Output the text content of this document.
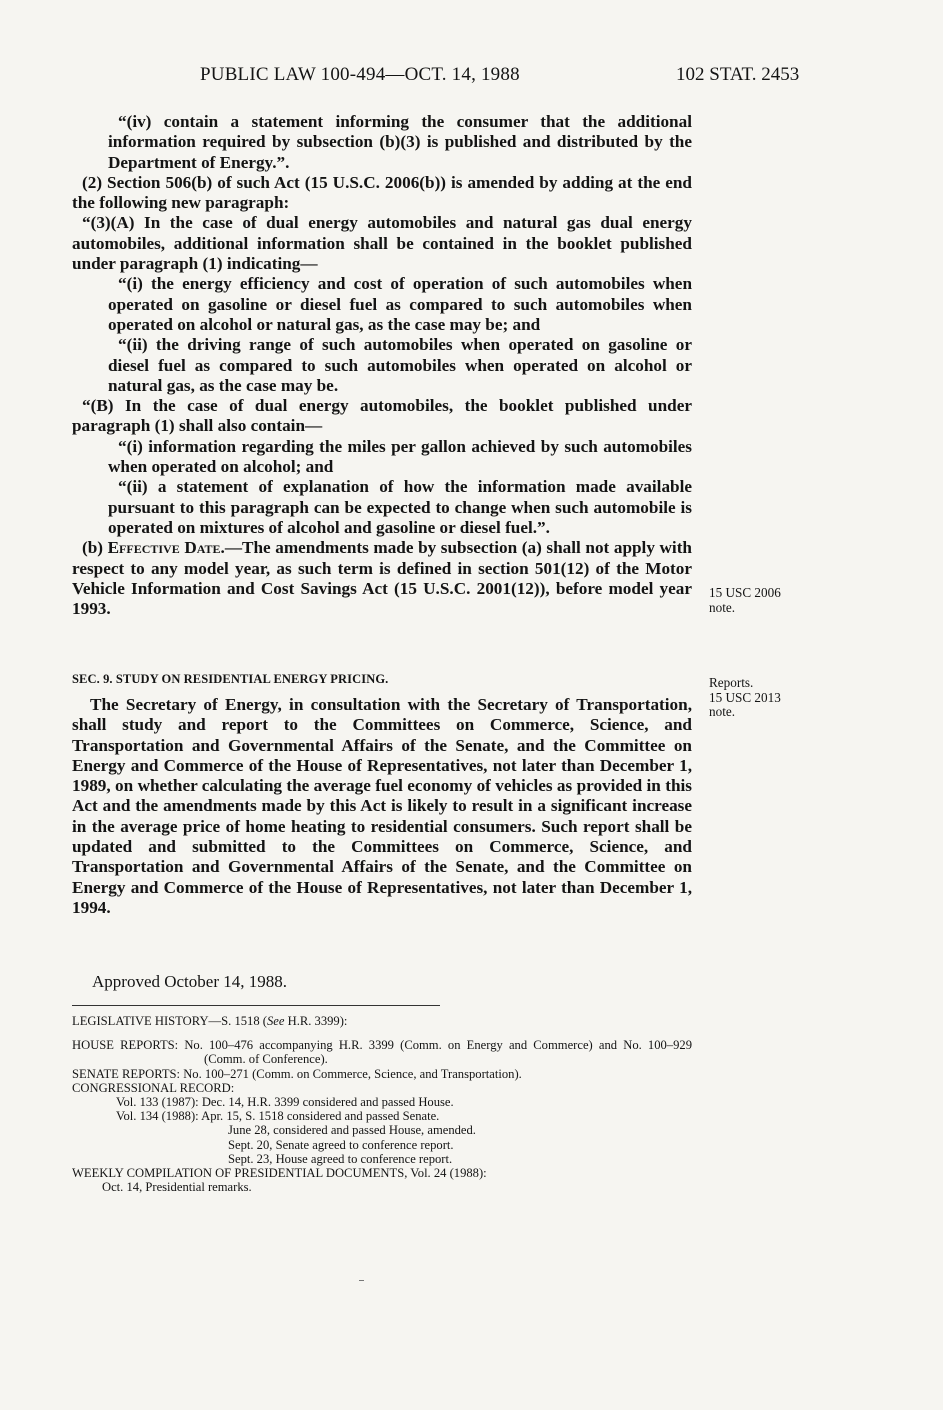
PUBLIC LAW 100-494—OCT. 14, 1988	102 STAT. 2453

“(iv) contain a statement informing the consumer that the additional information required by subsection (b)(3) is published and distributed by the Department of Energy.”.

(2) Section 506(b) of such Act (15 U.S.C. 2006(b)) is amended by adding at the end the following new paragraph:

“(3)(A) In the case of dual energy automobiles and natural gas dual energy automobiles, additional information shall be contained in the booklet published under paragraph (1) indicating—

“(i) the energy efficiency and cost of operation of such automobiles when operated on gasoline or diesel fuel as compared to such automobiles when operated on alcohol or natural gas, as the case may be; and

“(ii) the driving range of such automobiles when operated on gasoline or diesel fuel as compared to such automobiles when operated on alcohol or natural gas, as the case may be.

“(B) In the case of dual energy automobiles, the booklet published under paragraph (1) shall also contain—

“(i) information regarding the miles per gallon achieved by such automobiles when operated on alcohol; and

“(ii) a statement of explanation of how the information made available pursuant to this paragraph can be expected to change when such automobile is operated on mixtures of alcohol and gasoline or diesel fuel.”.

(b) Effective Date.—The amendments made by subsection (a) shall not apply with respect to any model year, as such term is defined in section 501(12) of the Motor Vehicle Information and Cost Savings Act (15 U.S.C. 2001(12)), before model year 1993.

SEC. 9. STUDY ON RESIDENTIAL ENERGY PRICING.

The Secretary of Energy, in consultation with the Secretary of Transportation, shall study and report to the Committees on Commerce, Science, and Transportation and Governmental Affairs of the Senate, and the Committee on Energy and Commerce of the House of Representatives, not later than December 1, 1989, on whether calculating the average fuel economy of vehicles as provided in this Act and the amendments made by this Act is likely to result in a significant increase in the average price of home heating to residential consumers. Such report shall be updated and submitted to the Committees on Commerce, Science, and Transportation and Governmental Affairs of the Senate, and the Committee on Energy and Commerce of the House of Representatives, not later than December 1, 1994.

Approved October 14, 1988.

LEGISLATIVE HISTORY—S. 1518 (See H.R. 3399):

HOUSE REPORTS: No. 100–476 accompanying H.R. 3399 (Comm. on Energy and Commerce) and No. 100–929 (Comm. of Conference).

SENATE REPORTS: No. 100–271 (Comm. on Commerce, Science, and Transportation).

CONGRESSIONAL RECORD:

Vol. 133 (1987): Dec. 14, H.R. 3399 considered and passed House.

Vol. 134 (1988): Apr. 15, S. 1518 considered and passed Senate.

June 28, considered and passed House, amended.

Sept. 20, Senate agreed to conference report.

Sept. 23, House agreed to conference report.

WEEKLY COMPILATION OF PRESIDENTIAL DOCUMENTS, Vol. 24 (1988):

Oct. 14, Presidential remarks.

15 USC 2006

note.

Reports.

15 USC 2013

note.
